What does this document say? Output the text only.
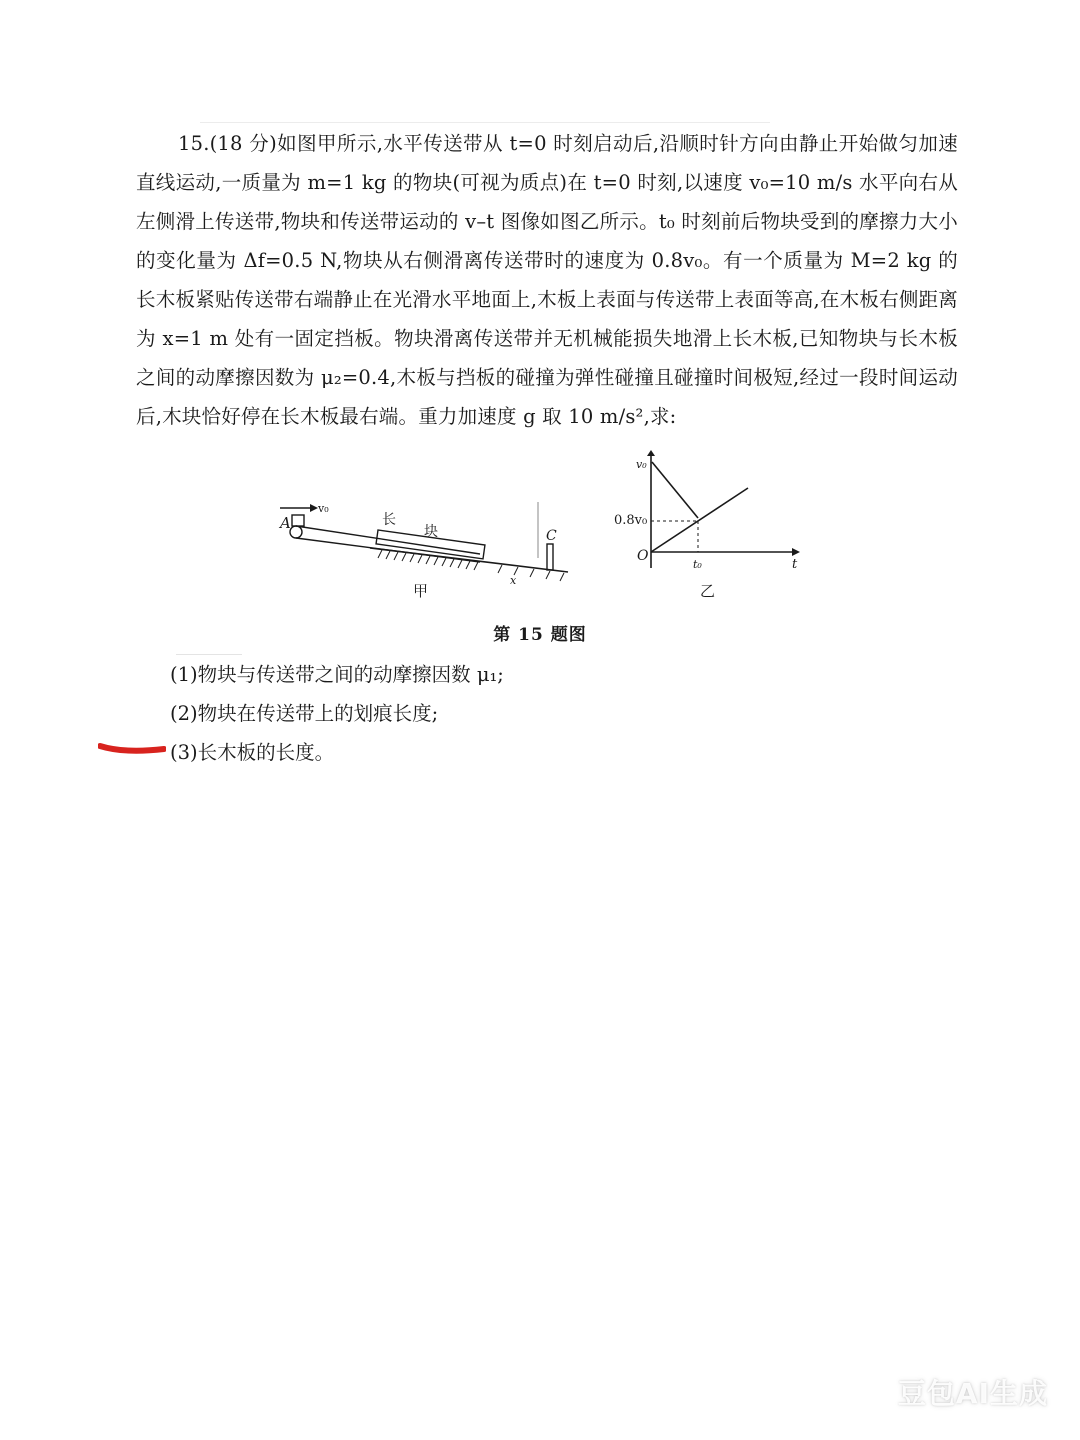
15.(18 分)如图甲所示,水平传送带从 t=0 时刻启动后,沿顺时针方向由静止开始做匀加速直线运动,一质量为 m=1 kg 的物块(可视为质点)在 t=0 时刻,以速度 v₀=10 m/s 水平向右从左侧滑上传送带,物块和传送带运动的 v–t 图像如图乙所示。t₀ 时刻前后物块受到的摩擦力大小的变化量为 Δf=0.5 N,物块从右侧滑离传送带时的速度为 0.8v₀。有一个质量为 M=2 kg 的长木板紧贴传送带右端静止在光滑水平地面上,木板上表面与传送带上表面等高,在木板右侧距离为 x=1 m 处有一固定挡板。物块滑离传送带并无机械能损失地滑上长木板,已知物块与长木板之间的动摩擦因数为 μ₂=0.4,木板与挡板的碰撞为弹性碰撞且碰撞时间极短,经过一段时间运动后,木块恰好停在长木板最右端。重力加速度 g 取 10 m/s²,求:

v₀
A	长
块	C
x
甲
v₀
0.8v₀
O
t₀	t
乙
第 15 题图
(1)物块与传送带之间的动摩擦因数 μ₁;
(2)物块在传送带上的划痕长度;
(3)长木板的长度。
豆包AI生成
